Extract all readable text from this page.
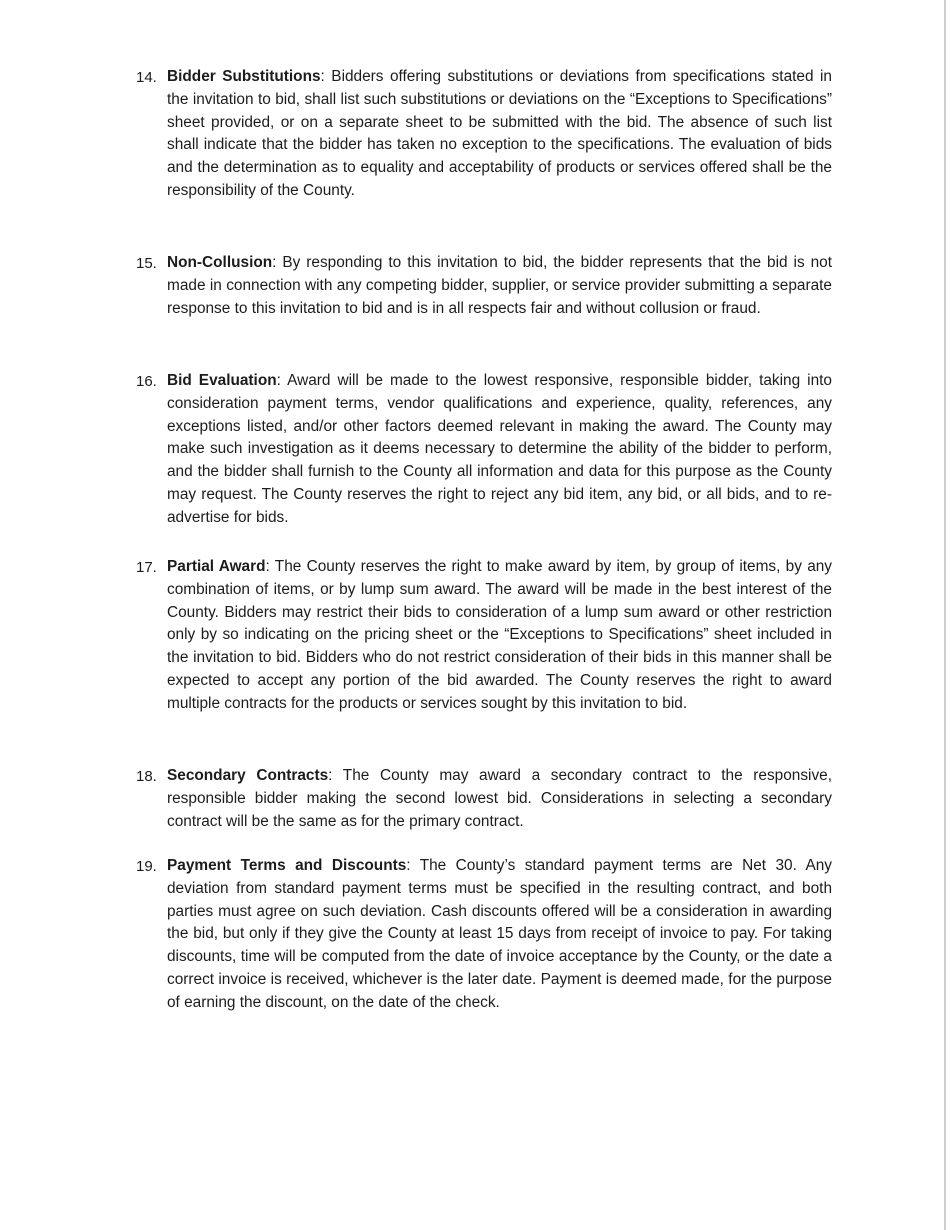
14. Bidder Substitutions: Bidders offering substitutions or deviations from specifications stated in the invitation to bid, shall list such substitutions or deviations on the “Exceptions to Specifications” sheet provided, or on a separate sheet to be submitted with the bid. The absence of such list shall indicate that the bidder has taken no exception to the specifications. The evaluation of bids and the determination as to equality and acceptability of products or services offered shall be the responsibility of the County.

15. Non-Collusion: By responding to this invitation to bid, the bidder represents that the bid is not made in connection with any competing bidder, supplier, or service provider submitting a separate response to this invitation to bid and is in all respects fair and without collusion or fraud.

16. Bid Evaluation: Award will be made to the lowest responsive, responsible bidder, taking into consideration payment terms, vendor qualifications and experience, quality, references, any exceptions listed, and/or other factors deemed relevant in making the award. The County may make such investigation as it deems necessary to determine the ability of the bidder to perform, and the bidder shall furnish to the County all information and data for this purpose as the County may request. The County reserves the right to reject any bid item, any bid, or all bids, and to re-advertise for bids.

17. Partial Award: The County reserves the right to make award by item, by group of items, by any combination of items, or by lump sum award. The award will be made in the best interest of the County. Bidders may restrict their bids to consideration of a lump sum award or other restriction only by so indicating on the pricing sheet or the “Exceptions to Specifications” sheet included in the invitation to bid. Bidders who do not restrict consideration of their bids in this manner shall be expected to accept any portion of the bid awarded. The County reserves the right to award multiple contracts for the products or services sought by this invitation to bid.

18. Secondary Contracts: The County may award a secondary contract to the responsive, responsible bidder making the second lowest bid. Considerations in selecting a secondary contract will be the same as for the primary contract.

19. Payment Terms and Discounts: The County’s standard payment terms are Net 30. Any deviation from standard payment terms must be specified in the resulting contract, and both parties must agree on such deviation. Cash discounts offered will be a consideration in awarding the bid, but only if they give the County at least 15 days from receipt of invoice to pay. For taking discounts, time will be computed from the date of invoice acceptance by the County, or the date a correct invoice is received, whichever is the later date. Payment is deemed made, for the purpose of earning the discount, on the date of the check.
